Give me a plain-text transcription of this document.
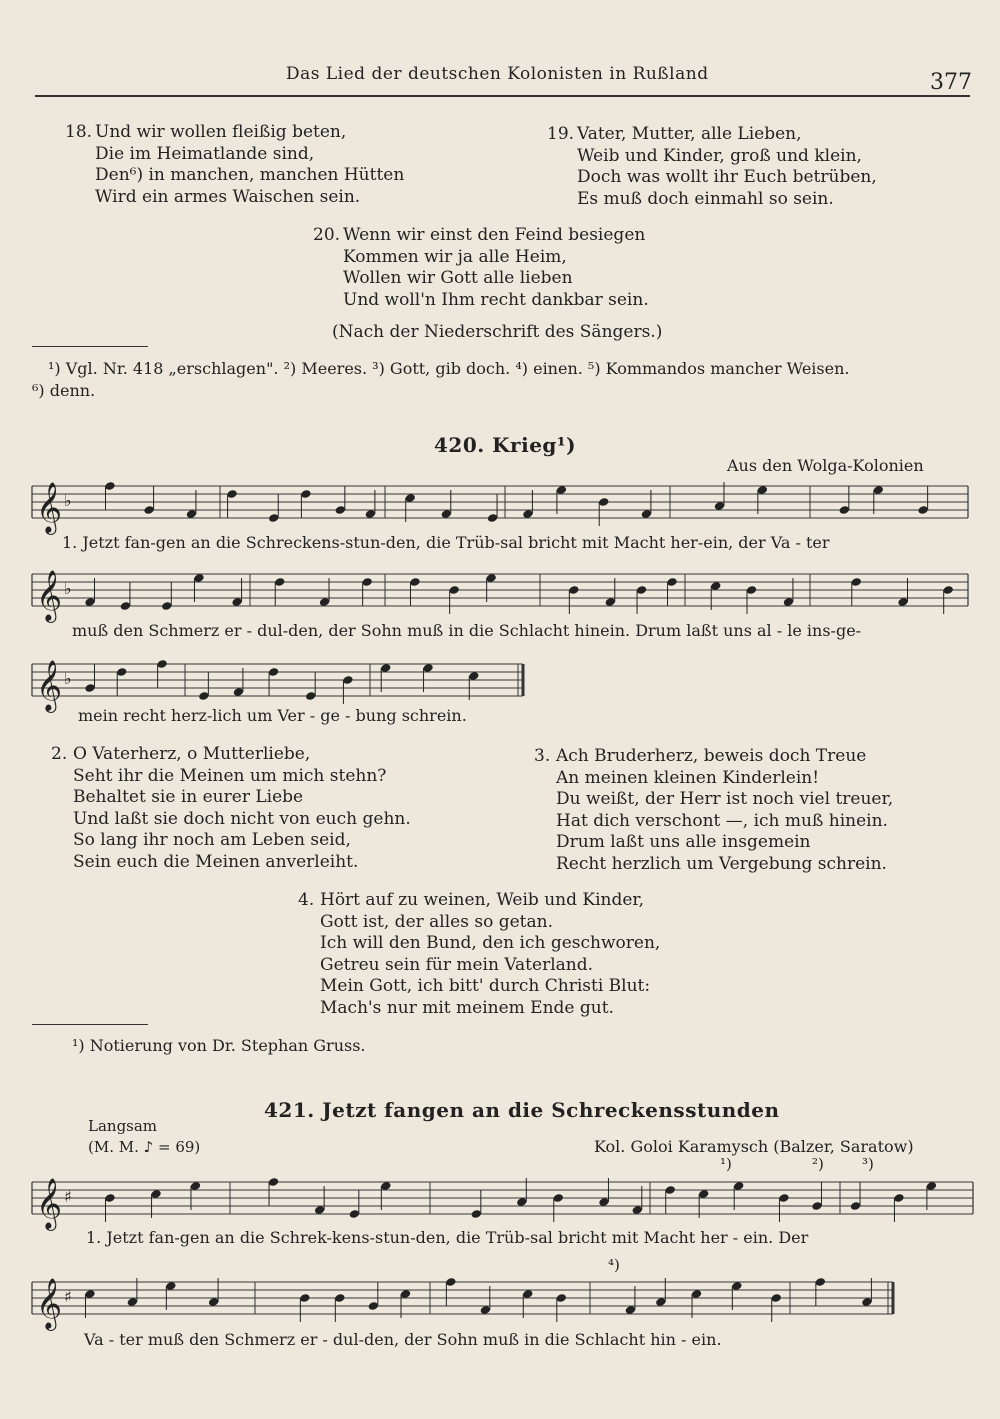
Das Lied der deutschen Kolonisten in Rußland	377
18. Und wir wollen fleißig beten,
Die im Heimatlande sind,
Den⁶) in manchen, manchen Hütten
Wird ein armes Waischen sein.
19. Vater, Mutter, alle Lieben,
Weib und Kinder, groß und klein,
Doch was wollt ihr Euch betrüben,
Es muß doch einmahl so sein.
20. Wenn wir einst den Feind besiegen
Kommen wir ja alle Heim,
Wollen wir Gott alle lieben
Und woll'n Ihm recht dankbar sein.
(Nach der Niederschrift des Sängers.)
¹) Vgl. Nr. 418 „erschlagen". ²) Meeres. ³) Gott, gib doch. ⁴) einen. ⁵) Kommandos mancher Weisen.
⁶) denn.
420. Krieg¹)
Aus den Wolga-Kolonien
𝄞 ♭
1. Jetzt fan-gen an die Schreckens-stun-den, die Trüb-sal bricht mit Macht her-ein, der Va - ter
𝄞 ♭
muß den Schmerz er - dul-den, der Sohn muß in die Schlacht hinein. Drum laßt uns al - le ins-ge-
𝄞 ♭
mein recht herz-lich um Ver - ge - bung schrein.
2. O Vaterherz, o Mutterliebe,
Seht ihr die Meinen um mich stehn?
Behaltet sie in eurer Liebe
Und laßt sie doch nicht von euch gehn.
So lang ihr noch am Leben seid,
Sein euch die Meinen anverleiht.
3. Ach Bruderherz, beweis doch Treue
An meinen kleinen Kinderlein!
Du weißt, der Herr ist noch viel treuer,
Hat dich verschont —, ich muß hinein.
Drum laßt uns alle insgemein
Recht herzlich um Vergebung schrein.
4. Hört auf zu weinen, Weib und Kinder,
Gott ist, der alles so getan.
Ich will den Bund, den ich geschworen,
Getreu sein für mein Vaterland.
Mein Gott, ich bitt' durch Christi Blut:
Mach's nur mit meinem Ende gut.
¹) Notierung von Dr. Stephan Gruss.
421. Jetzt fangen an die Schreckensstunden
Langsam
(M. M. ♪ = 69)	Kol. Goloi Karamysch (Balzer, Saratow)
¹)	²)	³)
𝄞 ♯
1. Jetzt fan-gen an die Schrek-kens-stun-den, die Trüb-sal bricht mit Macht her - ein. Der
⁴)
𝄞 ♯
Va - ter muß den Schmerz er - dul-den, der Sohn muß in die Schlacht hin - ein.
